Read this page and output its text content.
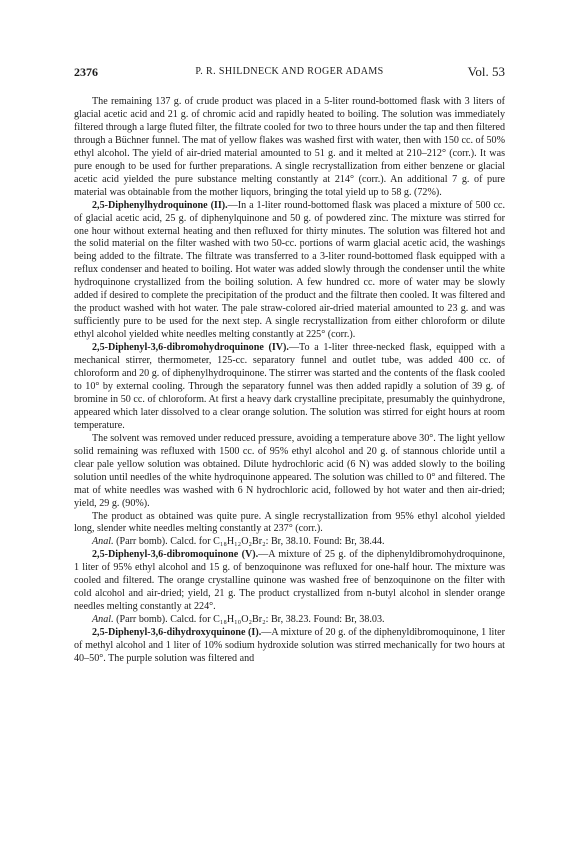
2376	P. R. SHILDNECK AND ROGER ADAMS	Vol. 53

The remaining 137 g. of crude product was placed in a 5-liter round-bottomed flask with 3 liters of glacial acetic acid and 21 g. of chromic acid and rapidly heated to boiling. The solution was immediately filtered through a large fluted filter, the filtrate cooled for two to three hours under the tap and then filtered through a Büchner funnel. The mat of yellow flakes was washed first with water, then with 150 cc. of 50% ethyl alcohol. The yield of air-dried material amounted to 51 g. and it melted at 210–212° (corr.). It was pure enough to be used for further preparations. A single recrystallization from either benzene or glacial acetic acid yielded the pure substance melting constantly at 214° (corr.). An additional 7 g. of pure material was obtainable from the mother liquors, bringing the total yield up to 58 g. (72%).

2,5-Diphenylhydroquinone (II).—In a 1-liter round-bottomed flask was placed a mixture of 500 cc. of glacial acetic acid, 25 g. of diphenylquinone and 50 g. of powdered zinc. The mixture was stirred for one hour without external heating and then refluxed for thirty minutes. The solution was filtered hot and the solid material on the filter washed with two 50-cc. portions of warm glacial acetic acid, the washings being added to the filtrate. The filtrate was transferred to a 3-liter round-bottomed flask equipped with a reflux condenser and heated to boiling. Hot water was added slowly through the condenser until the white hydroquinone crystallized from the boiling solution. A few hundred cc. more of water may be slowly added if desired to complete the precipitation of the product and the filtrate then cooled. It was filtered and the product washed with hot water. The pale straw-colored air-dried material amounted to 23 g. and was sufficiently pure to be used for the next step. A single recrystallization from either chloroform or dilute ethyl alcohol yielded white needles melting constantly at 225° (corr.).

2,5-Diphenyl-3,6-dibromohydroquinone (IV).—To a 1-liter three-necked flask, equipped with a mechanical stirrer, thermometer, 125-cc. separatory funnel and outlet tube, was added 400 cc. of chloroform and 20 g. of diphenylhydroquinone. The stirrer was started and the contents of the flask cooled to 10° by external cooling. Through the separatory funnel was then added rapidly a solution of 39 g. of bromine in 50 cc. of chloroform. At first a heavy dark crystalline precipitate, presumably the quinhydrone, appeared which later dissolved to a clear orange solution. The solution was stirred for eight hours at room temperature.

The solvent was removed under reduced pressure, avoiding a temperature above 30°. The light yellow solid remaining was refluxed with 1500 cc. of 95% ethyl alcohol and 20 g. of stannous chloride until a clear pale yellow solution was obtained. Dilute hydrochloric acid (6 N) was added slowly to the boiling solution until needles of the white hydroquinone appeared. The solution was chilled to 0° and filtered. The mat of white needles was washed with 6 N hydrochloric acid, followed by hot water and then air-dried; yield, 29 g. (90%).

The product as obtained was quite pure. A single recrystallization from 95% ethyl alcohol yielded long, slender white needles melting constantly at 237° (corr.).

Anal. (Parr bomb). Calcd. for C₁₈H₁₂O₂Br₂: Br, 38.10. Found: Br, 38.44.

2,5-Diphenyl-3,6-dibromoquinone (V).—A mixture of 25 g. of the diphenyldibromohydroquinone, 1 liter of 95% ethyl alcohol and 15 g. of benzoquinone was refluxed for one-half hour. The mixture was cooled and filtered. The orange crystalline quinone was washed free of benzoquinone on the filter with cold alcohol and air-dried; yield, 21 g. The product crystallized from n-butyl alcohol in slender orange needles melting constantly at 224°.

Anal. (Parr bomb). Calcd. for C₁₈H₁₀O₂Br₂: Br, 38.23. Found: Br, 38.03.

2,5-Diphenyl-3,6-dihydroxyquinone (I).—A mixture of 20 g. of the diphenyldibromoquinone, 1 liter of methyl alcohol and 1 liter of 10% sodium hydroxide solution was stirred mechanically for two hours at 40–50°. The purple solution was filtered and
